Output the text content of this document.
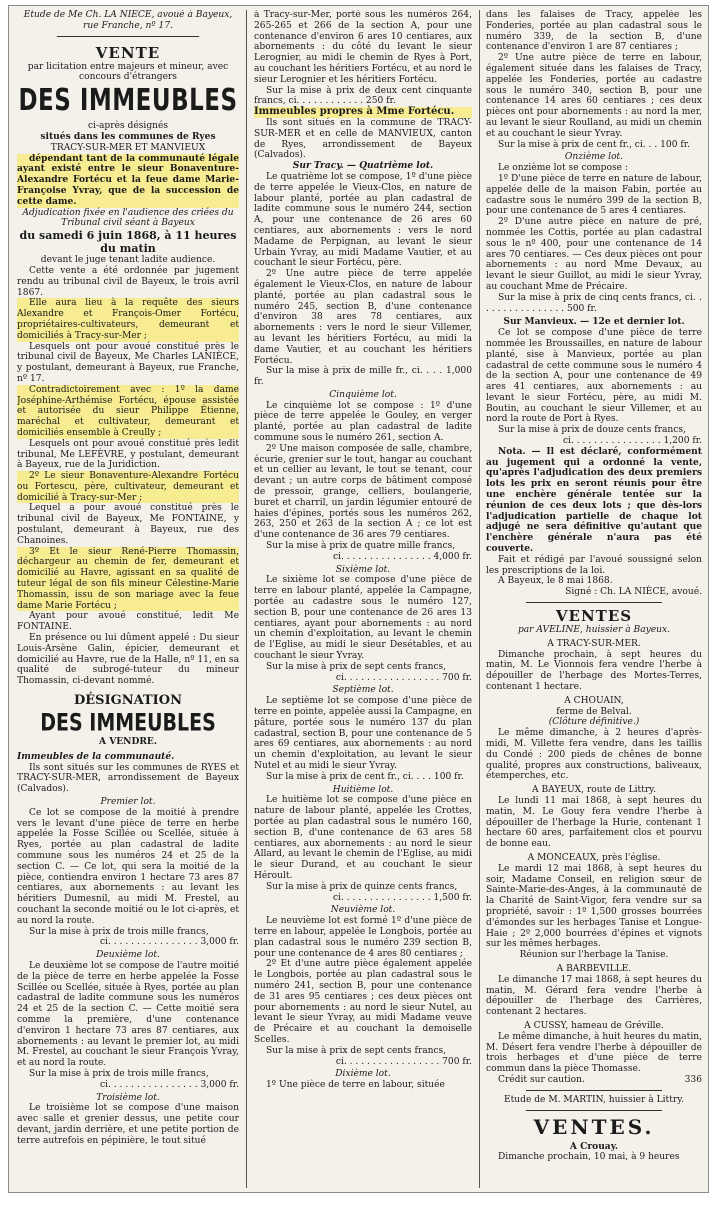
Etude de Me Ch. LA NIÈCE, avoué à Bayeux, rue Franche, nº 17.

VENTE

par licitation entre majeurs et mineur, avec concours d'étrangers

DES IMMEUBLES

ci-après désignés

situés dans les communes de Ryes

TRACY-SUR-MER ET MANVIEUX

dépendant tant de la communauté légale ayant existé entre le sieur Bonaventure-Alexandre Fortécu et la feue dame Marie-Françoise Yvray, que de la succession de cette dame.

Adjudication fixée en l'audience des criées du Tribunal civil séant à Bayeux

du samedi 6 juin 1868, à 11 heures du matin

devant le juge tenant ladite audience.

Cette vente a été ordonnée par jugement rendu au tribunal civil de Bayeux, le trois avril 1867.

Elle aura lieu à la requête des sieurs Alexandre et François-Omer Fortécu, propriétaires-cultivateurs, demeurant et domiciliés à Tracy-sur-Mer ;

Lesquels ont pour avoué constitué près le tribunal civil de Bayeux, Me Charles LANIÈCE, y postulant, demeurant à Bayeux, rue Franche, nº 17.

Contradictoirement avec : 1º la dame Joséphine-Arthémise Fortécu, épouse assistée et autorisée du sieur Philippe Étienne, maréchal et cultivateur, demeurant et domiciliés ensemble à Creully ;

Lesquels ont pour avoué constitué près ledit tribunal, Me LEFÈVRE, y postulant, demeurant à Bayeux, rue de la Juridiction.

2º Le sieur Bonaventure-Alexandre Fortécu ou Fortescu, père, cultivateur, demeurant et domicilié à Tracy-sur-Mer ;

Lequel a pour avoué constitué près le tribunal civil de Bayeux, Me FONTAINE, y postulant, demeurant à Bayeux, rue des Chanoines.

3º Et le sieur René-Pierre Thomassin, déchargeur au chemin de fer, demeurant et domicilié au Havre, agissant en sa qualité de tuteur légal de son fils mineur Célestine-Marie Thomassin, issu de son mariage avec la feue dame Marie Fortécu ;

Ayant pour avoué constitué, ledit Me FONTAINE.

En présence ou lui dûment appelé : Du sieur Louis-Arsène Galin, épicier, demeurant et domicilié au Havre, rue de la Halle, nº 11, en sa qualité de subrogé-tuteur du mineur Thomassin, ci-devant nommé.

DÉSIGNATION
DES IMMEUBLES

A VENDRE.

Immeubles de la communauté.

Ils sont situés sur les communes de RYES et TRACY-SUR-MER, arrondissement de Bayeux (Calvados).

Premier lot.

Ce lot se compose de la moitié à prendre vers le levant d'une pièce de terre en herbe appelée la Fosse Scillée ou Scellée, située à Ryes, portée au plan cadastral de ladite commune sous les numéros 24 et 25 de la section C. — Ce lot, qui sera la moitié de la pièce, contiendra environ 1 hectare 73 ares 87 centiares, aux abornements : au levant les héritiers Dumesnil, au midi M. Frestel, au couchant la seconde moitié ou le lot ci-après, et au nord la route.

Sur la mise à prix de trois mille francs,

ci. . . . . . . . . . . . . . . . 3,000 fr.

Deuxième lot.

Le deuxième lot se compose de l'autre moitié de la pièce de terre en herbe appelée la Fosse Scillée ou Scellée, située à Ryes, portée au plan cadastral de ladite commune sous les numéros 24 et 25 de la section C. — Cette moitié sera comme la première, d'une contenance d'environ 1 hectare 73 ares 87 centiares, aux abornements : au levant le premier lot, au midi M. Frestel, au couchant le sieur François Yvray, et au nord la route.

Sur la mise à prix de trois mille francs,

ci. . . . . . . . . . . . . . . . 3,000 fr.

Troisième lot.

Le troisième lot se compose d'une maison avec salle et grenier dessus, une petite cour devant, jardin derrière, et une petite portion de terre autrefois en pépinière, le tout situé

à Tracy-sur-Mer, porté sous les numéros 264, 265-265 et 266 de la section A, pour une contenance d'environ 6 ares 10 centiares, aux abornements : du côté du levant le sieur Lerognier, au midi le chemin de Ryes à Port, au couchant les héritiers Fortécu, et au nord le sieur Lerognier et les héritiers Fortécu.

Sur la mise à prix de deux cent cinquante francs, ci. . . . . . . . . . . . 250 fr.

Immeubles propres à Mme Fortécu.

Ils sont situés en la commune de TRACY-SUR-MER et en celle de MANVIEUX, canton de Ryes, arrondissement de Bayeux (Calvados).

Sur Tracy. — Quatrième lot.

Le quatrième lot se compose, 1º d'une pièce de terre appelée le Vieux-Clos, en nature de labour planté, portée au plan cadastral de ladite commune sous le numéro 244, section A, pour une contenance de 26 ares 60 centiares, aux abornements : vers le nord Madame de Perpignan, au levant le sieur Urbain Yvray, au midi Madame Vautier, et au couchant le sieur Fortécu, père.

2º Une autre pièce de terre appelée également le Vieux-Clos, en nature de labour planté, portée au plan cadastral sous le numéro 245, section B, d'une contenance d'environ 38 ares 78 centiares, aux abornements : vers le nord le sieur Villemer, au levant les héritiers Fortécu, au midi la dame Vautier, et au couchant les héritiers Fortécu.

Sur la mise à prix de mille fr., ci. . . . 1,000 fr.

Cinquième lot.

Le cinquième lot se compose : 1º d'une pièce de terre appelée le Gouley, en verger planté, portée au plan cadastral de ladite commune sous le numéro 261, section A.

2º Une maison composée de salle, chambre, écurie, grenier sur le tout, hangar au couchant et un cellier au levant, le tout se tenant, cour devant ; un autre corps de bâtiment composé de pressoir, grange, celliers, boulangerie, buret et charril, un jardin légumier entouré de haies d'épines, portés sous les numéros 262, 263, 250 et 263 de la section A ; ce lot est d'une contenance de 36 ares 79 centiares.

Sur la mise à prix de quatre mille francs,

ci. . . . . . . . . . . . . . . . 4,000 fr.

Sixième lot.

Le sixième lot se compose d'une pièce de terre en labour planté, appelée la Campagne, portée au cadastre sous le numéro 127, section B, pour une contenance de 26 ares 13 centiares, ayant pour abornements : au nord un chemin d'exploitation, au levant le chemin de l'Eglise, au midi le sieur Desétables, et au couchant le sieur Yvray.

Sur la mise à prix de sept cents francs,

ci. . . . . . . . . . . . . . . . . 700 fr.

Septième lot.

Le septième lot se compose d'une pièce de terre en pointe, appelée aussi la Campagne, en pâture, portée sous le numéro 137 du plan cadastral, section B, pour une contenance de 5 ares 69 centiares, aux abornements : au nord un chemin d'exploitation, au levant le sieur Nutel et au midi le sieur Yvray.

Sur la mise à prix de cent fr., ci. . . . 100 fr.

Huitième lot.

Le huitième lot se compose d'une pièce en nature de labour planté, appelée les Crottes, portée au plan cadastral sous le numéro 160, section B, d'une contenance de 63 ares 58 centiares, aux abornements : au nord le sieur Allard, au levant le chemin de l'Eglise, au midi le sieur Durand, et au couchant le sieur Héroult.

Sur la mise à prix de quinze cents francs,

ci. . . . . . . . . . . . . . . . 1,500 fr.

Neuvième lot.

Le neuvième lot est formé 1º d'une pièce de terre en labour, appelée le Longbois, portée au plan cadastral sous le numéro 239 section B, pour une contenance de 4 ares 80 centiares ;

2º Et d'une autre pièce également appelée le Longbois, portée au plan cadastral sous le numéro 241, section B, pour une contenance de 31 ares 95 centiares ; ces deux pièces ont pour abornements : au nord le sieur Nutel, au levant le sieur Yvray, au midi Madame veuve de Précaire et au couchant la demoiselle Scelles.

Sur la mise à prix de sept cents francs,

ci. . . . . . . . . . . . . . . . . 700 fr.

Dixième lot.

1º Une pièce de terre en labour, située

dans les falaises de Tracy, appelée les Fonderies, portée au plan cadastral sous le numéro 339, de la section B, d'une contenance d'environ 1 are 87 centiares ;

2º Une autre pièce de terre en labour, également située dans les falaises de Tracy, appelée les Fonderies, portée au cadastre sous le numéro 340, section B, pour une contenance 14 ares 60 centiares ; ces deux pièces ont pour abornements : au nord la mer, au levant le sieur Roulland, au midi un chemin et au couchant le sieur Yvray.

Sur la mise à prix de cent fr., ci. . . 100 fr.

Onzième lot.

Le onzième lot se compose :

1º D'une pièce de terre en nature de labour, appelée delle de la maison Fabin, portée au cadastre sous le numéro 399 de la section B, pour une contenance de 5 ares 4 centiares.

2º D'une autre pièce en nature de pré, nommée les Cottis, portée au plan cadastral sous le nº 400, pour une contenance de 14 ares 70 centiares. — Ces deux pièces ont pour abornements : au nord Mme Devaux, au levant le sieur Guillot, au midi le sieur Yvray, au couchant Mme de Précaire.

Sur la mise à prix de cinq cents francs, ci. . . . . . . . . . . . . . . . 500 fr.

Sur Manvieux. — 12e et dernier lot.

Ce lot se compose d'une pièce de terre nommée les Broussailles, en nature de labour planté, sise à Manvieux, portée au plan cadastral de cette commune sous le numéro 4 de la section A, pour une contenance de 49 ares 41 centiares, aux abornements : au levant le sieur Fortécu, père, au midi M. Boutin, au couchant le sieur Villemer, et au nord la route de Port à Ryes.

Sur la mise à prix de douze cents francs,

ci. . . . . . . . . . . . . . . . 1,200 fr.

Nota. — Il est déclaré, conformément au jugement qui a ordonné la vente, qu'après l'adjudication des deux premiers lots les prix en seront réunis pour être une enchère générale tentée sur la réunion de ces deux lots ; que dès-lors l'adjudication partielle de chaque lot adjugé ne sera définitive qu'autant que l'enchère générale n'aura pas été couverte.

Fait et rédigé par l'avoué soussigné selon les prescriptions de la loi.

A Bayeux, le 8 mai 1868.

Signé : Ch. LA NIÈCE, avoué.

VENTES

par AVELINE, huissier à Bayeux.

A TRACY-SUR-MER.

Dimanche prochain, à sept heures du matin, M. Le Vionnois fera vendre l'herbe à dépouiller de l'herbage des Mortes-Terres, contenant 1 hectare.

A CHOUAIN,

ferme de Belval.

(Clôture définitive.)

Le même dimanche, à 2 heures d'après-midi, M. Villette fera vendre, dans les taillis du Condé : 200 pieds de chênes de bonne qualité, propres aux constructions, baliveaux, étemperches, etc.

A BAYEUX, route de Littry.

Le lundi 11 mai 1868, à sept heures du matin, M. Le Gouy fera vendre l'herbe à dépouiller de l'herbage la Hurie, contenant 1 hectare 60 ares, parfaitement clos et pourvu de bonne eau.

A MONCEAUX, près l'église.

Le mardi 12 mai 1868, à sept heures du soir, Madame Conseil, en religion sœur de Sainte-Marie-des-Anges, à la communauté de la Charité de Saint-Vigor, fera vendre sur sa propriété, savoir : 1º 1,500 grosses bourrées d'émondes sur les herbages Tanise et Longue-Haie ; 2º 2,000 bourrées d'épines et vignots sur les mêmes herbages.

Réunion sur l'herbage la Tanise.

A BARBEVILLE.

Le dimanche 17 mai 1868, à sept heures du matin, M. Gérard fera vendre l'herbe à dépouiller de l'herbage des Carrières, contenant 2 hectares.

A CUSSY, hameau de Gréville.

Le même dimanche, à huit heures du matin, M. Désert fera vendre l'herbe à dépouiller de trois herbages et d'une pièce de terre commun dans la pièce Thomasse.

Crédit sur caution.	336

Etude de M. MARTIN, huissier à Littry.

VENTES.

A Crouay.

Dimanche prochain, 10 mai, à 9 heures
